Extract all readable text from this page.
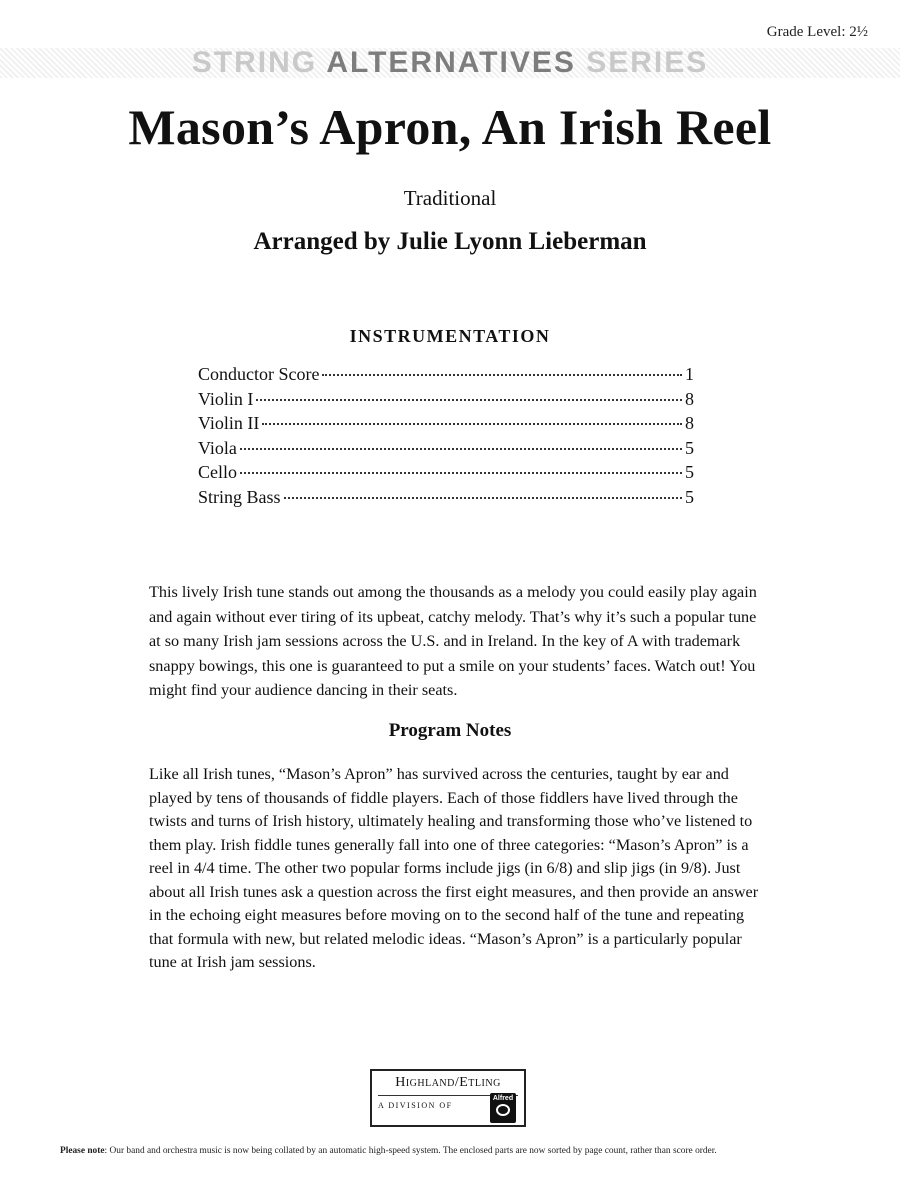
Grade Level: 2½
STRING ALTERNATIVES SERIES
Mason’s Apron, An Irish Reel
Traditional
Arranged by Julie Lyonn Lieberman
INSTRUMENTATION
Conductor Score	1
Violin I	8
Violin II	8
Viola	5
Cello	5
String Bass	5

This lively Irish tune stands out among the thousands as a melody you could easily play again and again without ever tiring of its upbeat, catchy melody. That’s why it’s such a popular tune at so many Irish jam sessions across the U.S. and in Ireland. In the key of A with trademark snappy bowings, this one is guaranteed to put a smile on your students’ faces. Watch out! You might find your audience dancing in their seats.

Program Notes

Like all Irish tunes, “Mason’s Apron” has survived across the centuries, taught by ear and played by tens of thousands of fiddle players. Each of those fiddlers have lived through the twists and turns of Irish history, ultimately healing and transforming those who’ve listened to them play. Irish fiddle tunes generally fall into one of three categories: “Mason’s Apron” is a reel in 4/4 time. The other two popular forms include jigs (in 6/8) and slip jigs (in 9/8). Just about all Irish tunes ask a question across the first eight measures, and then provide an answer in the echoing eight measures before moving on to the second half of the tune and repeating that formula with new, but related melodic ideas. “Mason’s Apron” is a particularly popular tune at Irish jam sessions.

Highland/Etling
A DIVISION OF
Alfred

Please note: Our band and orchestra music is now being collated by an automatic high-speed system. The enclosed parts are now sorted by page count, rather than score order.
